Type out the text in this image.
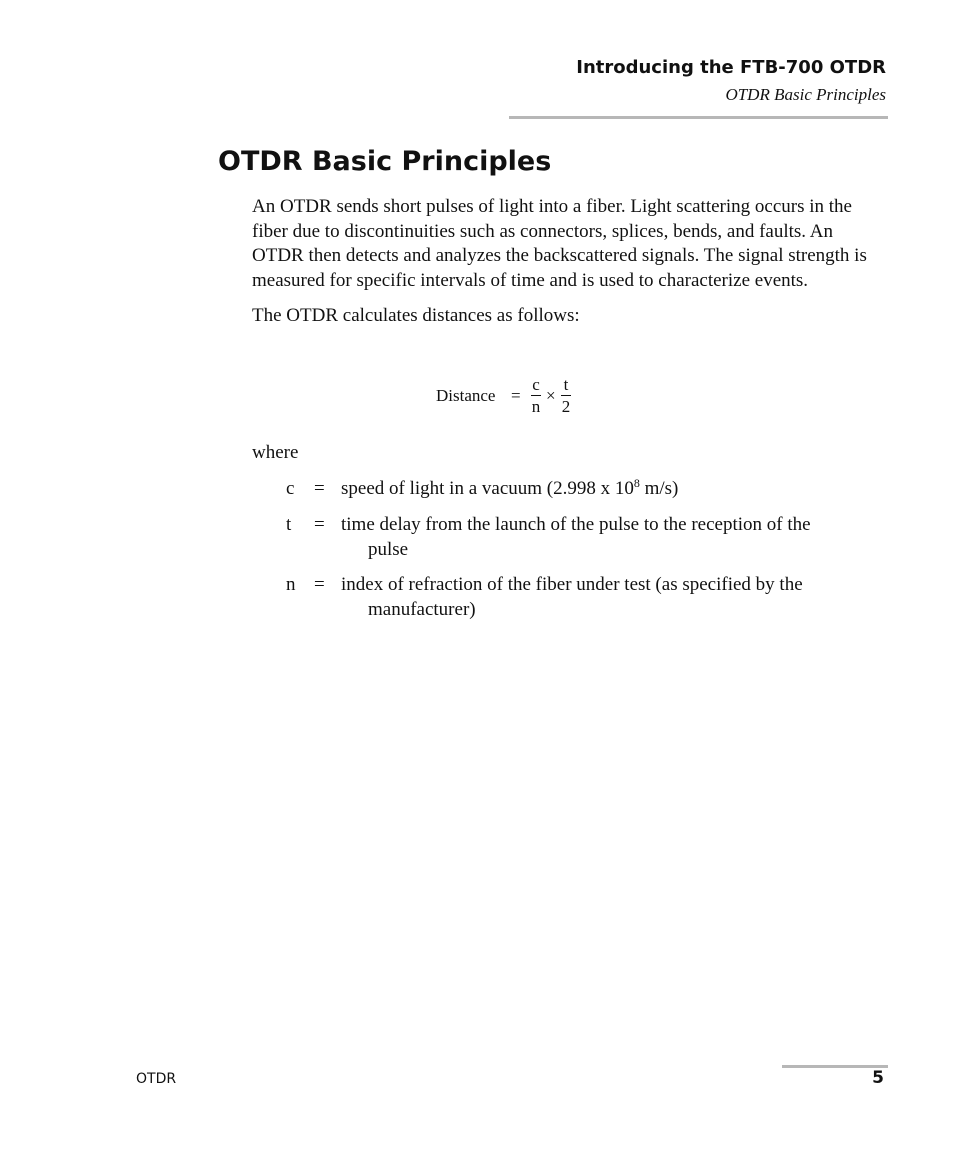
Introducing the FTB-700 OTDR
OTDR Basic Principles
OTDR Basic Principles

An OTDR sends short pulses of light into a fiber. Light scattering occurs in the fiber due to discontinuities such as connectors, splices, bends, and faults. An OTDR then detects and analyzes the backscattered signals. The signal strength is measured for specific intervals of time and is used to characterize events.

The OTDR calculates distances as follows:

Distance =
c
n
×
t
2
where
c = speed of light in a vacuum (2.998 x $10^8$ m/s)
t = time delay from the launch of the pulse to the reception of the
pulse
n = index of refraction of the fiber under test (as specified by the
manufacturer)
OTDR	5
